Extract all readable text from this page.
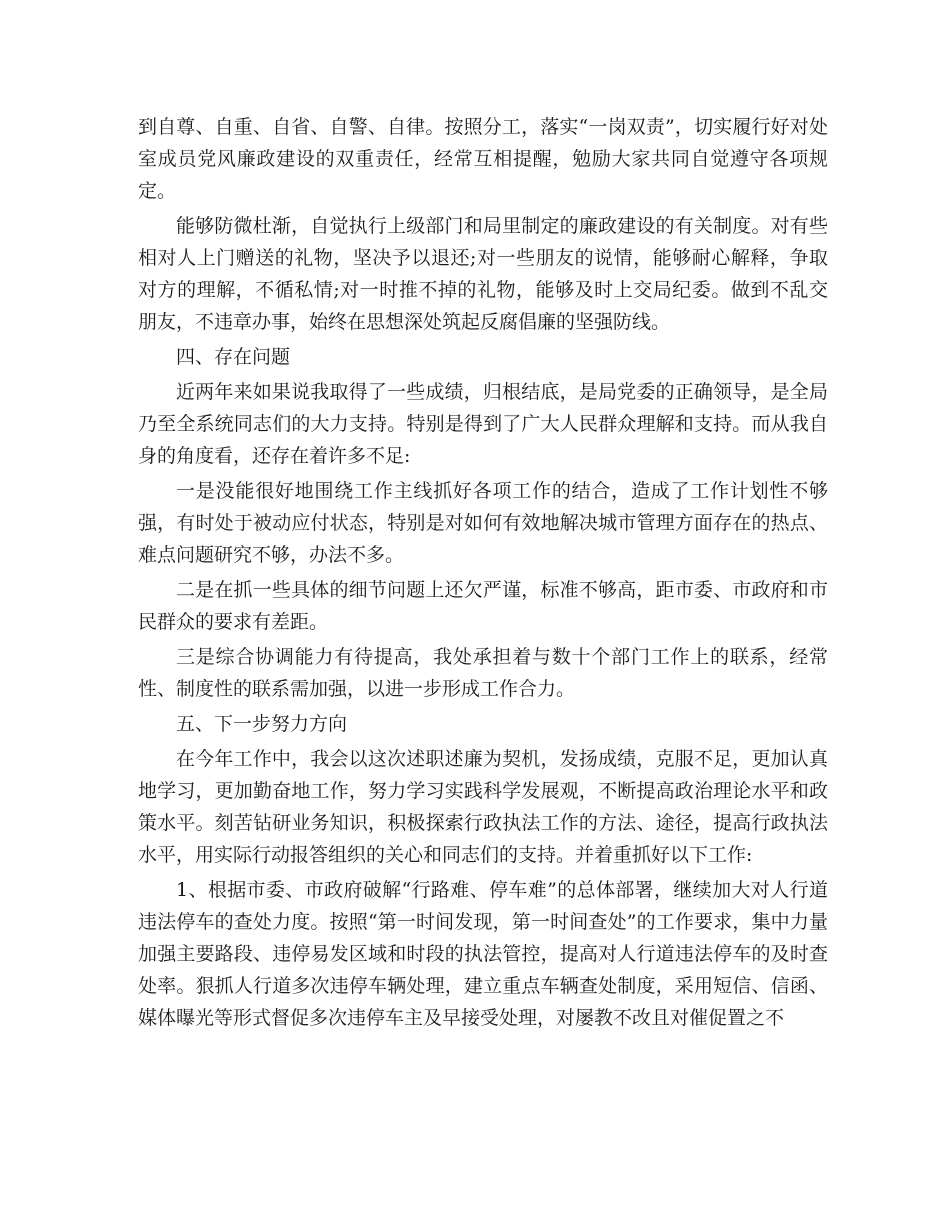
到自尊、自重、自省、自警、自律。按照分工，落实“一岗双责”，切实履行好对处室成员党风廉政建设的双重责任，经常互相提醒，勉励大家共同自觉遵守各项规定。

能够防微杜渐，自觉执行上级部门和局里制定的廉政建设的有关制度。对有些相对人上门赠送的礼物，坚决予以退还;对一些朋友的说情，能够耐心解释，争取对方的理解，不循私情;对一时推不掉的礼物，能够及时上交局纪委。做到不乱交朋友，不违章办事，始终在思想深处筑起反腐倡廉的坚强防线。

四、存在问题

近两年来如果说我取得了一些成绩，归根结底，是局党委的正确领导，是全局乃至全系统同志们的大力支持。特别是得到了广大人民群众理解和支持。而从我自身的角度看，还存在着许多不足:

一是没能很好地围绕工作主线抓好各项工作的结合，造成了工作计划性不够强，有时处于被动应付状态，特别是对如何有效地解决城市管理方面存在的热点、难点问题研究不够，办法不多。

二是在抓一些具体的细节问题上还欠严谨，标准不够高，距市委、市政府和市民群众的要求有差距。

三是综合协调能力有待提高，我处承担着与数十个部门工作上的联系，经常性、制度性的联系需加强，以进一步形成工作合力。

五、下一步努力方向

在今年工作中，我会以这次述职述廉为契机，发扬成绩，克服不足，更加认真地学习，更加勤奋地工作，努力学习实践科学发展观，不断提高政治理论水平和政策水平。刻苦钻研业务知识，积极探索行政执法工作的方法、途径，提高行政执法水平，用实际行动报答组织的关心和同志们的支持。并着重抓好以下工作:

1、根据市委、市政府破解“行路难、停车难”的总体部署，继续加大对人行道违法停车的查处力度。按照“第一时间发现，第一时间查处”的工作要求，集中力量加强主要路段、违停易发区域和时段的执法管控，提高对人行道违法停车的及时查处率。狠抓人行道多次违停车辆处理，建立重点车辆查处制度，采用短信、信函、媒体曝光等形式督促多次违停车主及早接受处理，对屡教不改且对催促置之不
